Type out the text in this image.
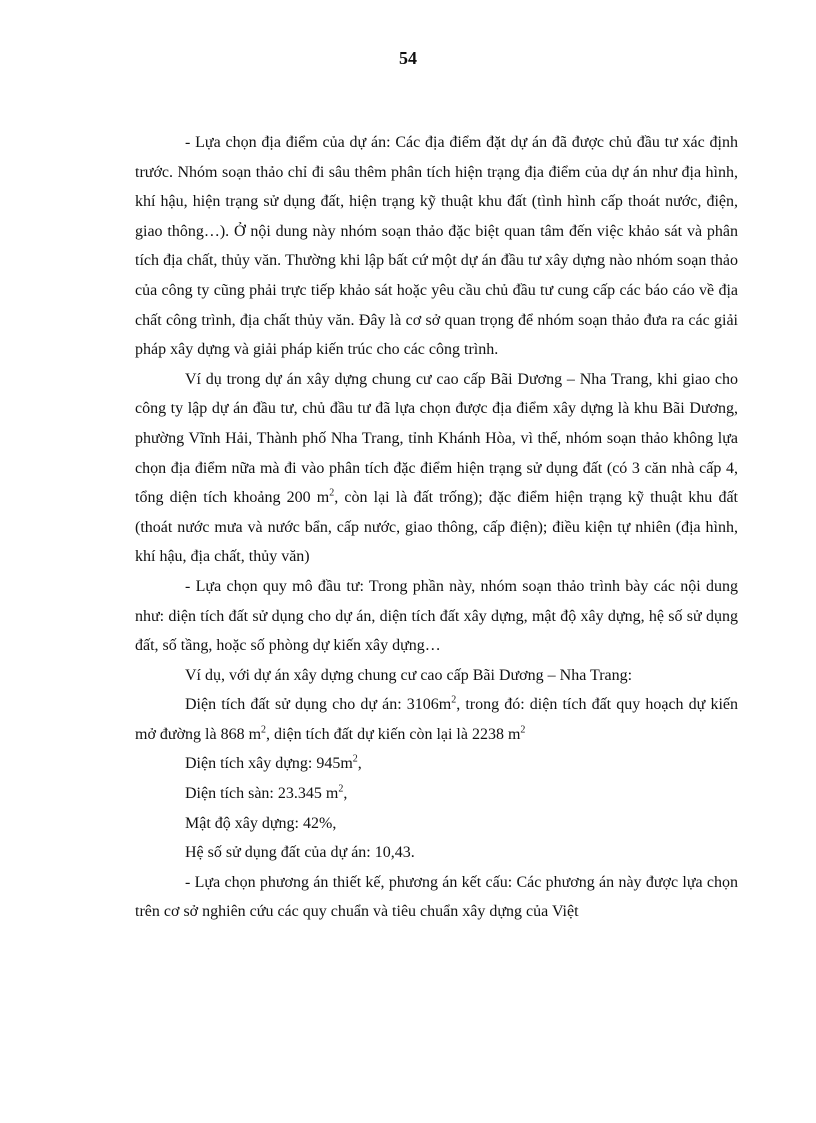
54

- Lựa chọn địa điểm của dự án: Các địa điểm đặt dự án đã được chủ đầu tư xác định trước. Nhóm soạn thảo chỉ đi sâu thêm phân tích hiện trạng địa điểm của dự án như địa hình, khí hậu, hiện trạng sử dụng đất, hiện trạng kỹ thuật khu đất (tình hình cấp thoát nước, điện, giao thông…). Ở nội dung này nhóm soạn thảo đặc biệt quan tâm đến việc khảo sát và phân tích địa chất, thủy văn. Thường khi lập bất cứ một dự án đầu tư xây dựng nào nhóm soạn thảo của công ty cũng phải trực tiếp khảo sát hoặc yêu cầu chủ đầu tư cung cấp các báo cáo về địa chất công trình, địa chất thủy văn. Đây là cơ sở quan trọng để nhóm soạn thảo đưa ra các giải pháp xây dựng và giải pháp kiến trúc cho các công trình.

Ví dụ trong dự án xây dựng chung cư cao cấp Bãi Dương – Nha Trang, khi giao cho công ty lập dự án đầu tư, chủ đầu tư đã lựa chọn được địa điểm xây dựng là khu Bãi Dương, phường Vĩnh Hải, Thành phố Nha Trang, tỉnh Khánh Hòa, vì thế, nhóm soạn thảo không lựa chọn địa điểm nữa mà đi vào phân tích đặc điểm hiện trạng sử dụng đất (có 3 căn nhà cấp 4, tổng diện tích khoảng 200 $m^2$, còn lại là đất trống); đặc điểm hiện trạng kỹ thuật khu đất (thoát nước mưa và nước bẩn, cấp nước, giao thông, cấp điện); điều kiện tự nhiên (địa hình, khí hậu, địa chất, thủy văn)

- Lựa chọn quy mô đầu tư: Trong phần này, nhóm soạn thảo trình bày các nội dung như: diện tích đất sử dụng cho dự án, diện tích đất xây dựng, mật độ xây dựng, hệ số sử dụng đất, số tầng, hoặc số phòng dự kiến xây dựng…

Ví dụ, với dự án xây dựng chung cư cao cấp Bãi Dương – Nha Trang:

Diện tích đất sử dụng cho dự án: $3106m^2$, trong đó: diện tích đất quy hoạch dự kiến mở đường là 868 $m^2$, diện tích đất dự kiến còn lại là 2238 $m^2$

Diện tích xây dựng: $945m^2$,

Diện tích sàn: 23.345 $m^2$,

Mật độ xây dựng: 42%,

Hệ số sử dụng đất của dự án: 10,43.

- Lựa chọn phương án thiết kế, phương án kết cấu: Các phương án này được lựa chọn trên cơ sở nghiên cứu các quy chuẩn và tiêu chuẩn xây dựng của Việt
